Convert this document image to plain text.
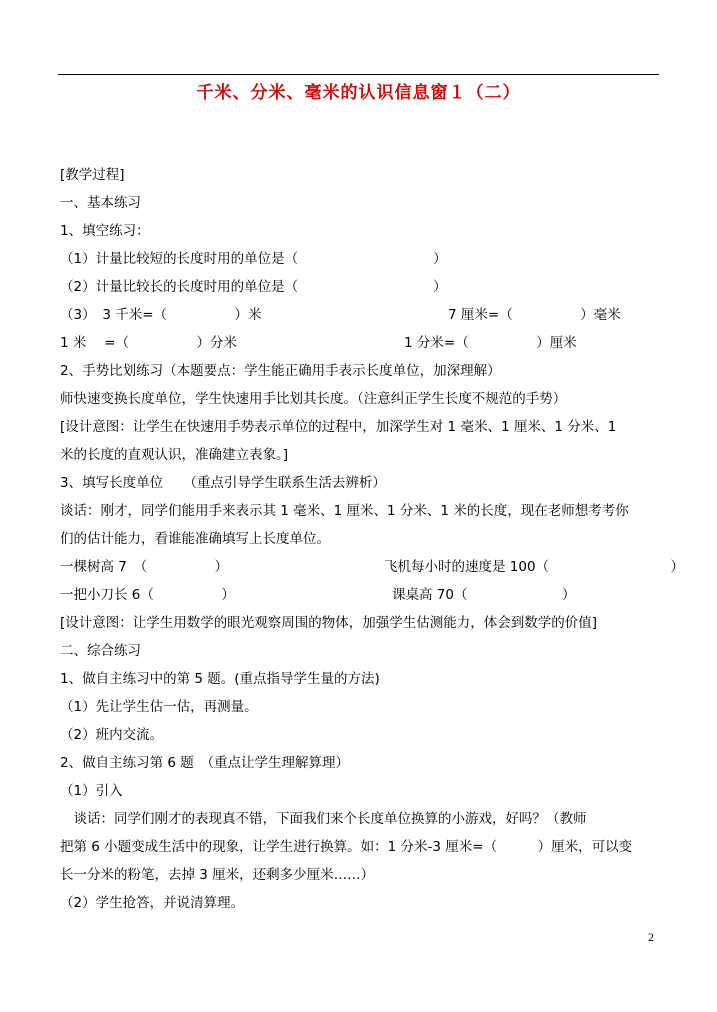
千米、分米、毫米的认识信息窗１（二）
[教学过程]
一、基本练习
1、填空练习：
（1）计量比较短的长度时用的单位是（　　　　　　　　　　）
（2）计量比较长的长度时用的单位是（　　　　　　　　　　）
（3）　3 千米=（　　　　　）米	7 厘米=（　　　　　）毫米
1 米　 =（　　　　　）分米	1 分米=（　　　　　）厘米
2、手势比划练习（本题要点：学生能正确用手表示长度单位，加深理解）
师快速变换长度单位，学生快速用手比划其长度。（注意纠正学生长度不规范的手势）
[设计意图：让学生在快速用手势表示单位的过程中，加深学生对 1 毫米、1 厘米、1 分米、1
米的长度的直观认识，准确建立表象。]
3、填写长度单位　　（重点引导学生联系生活去辨析）
谈话：刚才，同学们能用手来表示其 1 毫米、1 厘米、1 分米、1 米的长度，现在老师想考考你
们的估计能力，看谁能准确填写上长度单位。
一棵树高 7　（　　　　　）	飞机每小时的速度是 100（　　　　　　　　　）
一把小刀长 6（　　　　　）	课桌高 70（　　　　　　　）
[设计意图：让学生用数学的眼光观察周围的物体，加强学生估测能力，体会到数学的价值]
二、综合练习
1、做自主练习中的第 5 题。(重点指导学生量的方法)
（1）先让学生估一估，再测量。
（2）班内交流。
2、做自主练习第 6 题　（重点让学生理解算理）
（1）引入
　谈话：同学们刚才的表现真不错，下面我们来个长度单位换算的小游戏，好吗？（教师
把第 6 小题变成生活中的现象，让学生进行换算。如：1 分米-3 厘米=（　　　）厘米，可以变
长一分米的粉笔，去掉 3 厘米，还剩多少厘米……）
（2）学生抢答，并说清算理。
2
